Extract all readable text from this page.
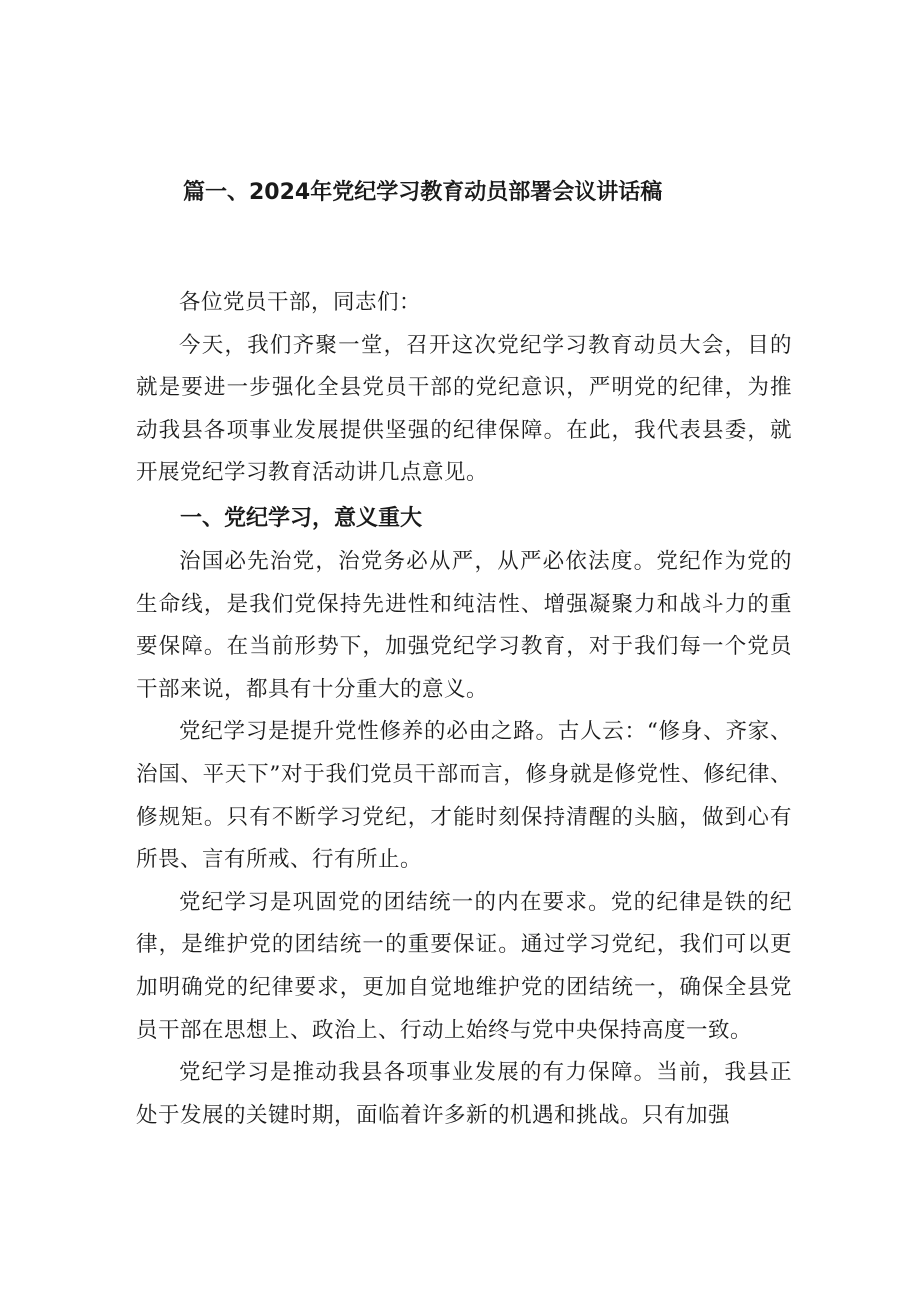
篇一、2024年党纪学习教育动员部署会议讲话稿

各位党员干部，同志们：

今天，我们齐聚一堂，召开这次党纪学习教育动员大会，目的就是要进一步强化全县党员干部的党纪意识，严明党的纪律，为推动我县各项事业发展提供坚强的纪律保障。在此，我代表县委，就开展党纪学习教育活动讲几点意见。

一、党纪学习，意义重大

治国必先治党，治党务必从严，从严必依法度。党纪作为党的生命线，是我们党保持先进性和纯洁性、增强凝聚力和战斗力的重要保障。在当前形势下，加强党纪学习教育，对于我们每一个党员干部来说，都具有十分重大的意义。

党纪学习是提升党性修养的必由之路。古人云：“修身、齐家、治国、平天下”对于我们党员干部而言，修身就是修党性、修纪律、修规矩。只有不断学习党纪，才能时刻保持清醒的头脑，做到心有所畏、言有所戒、行有所止。

党纪学习是巩固党的团结统一的内在要求。党的纪律是铁的纪律，是维护党的团结统一的重要保证。通过学习党纪，我们可以更加明确党的纪律要求，更加自觉地维护党的团结统一，确保全县党员干部在思想上、政治上、行动上始终与党中央保持高度一致。

党纪学习是推动我县各项事业发展的有力保障。当前，我县正处于发展的关键时期，面临着许多新的机遇和挑战。只有加强
